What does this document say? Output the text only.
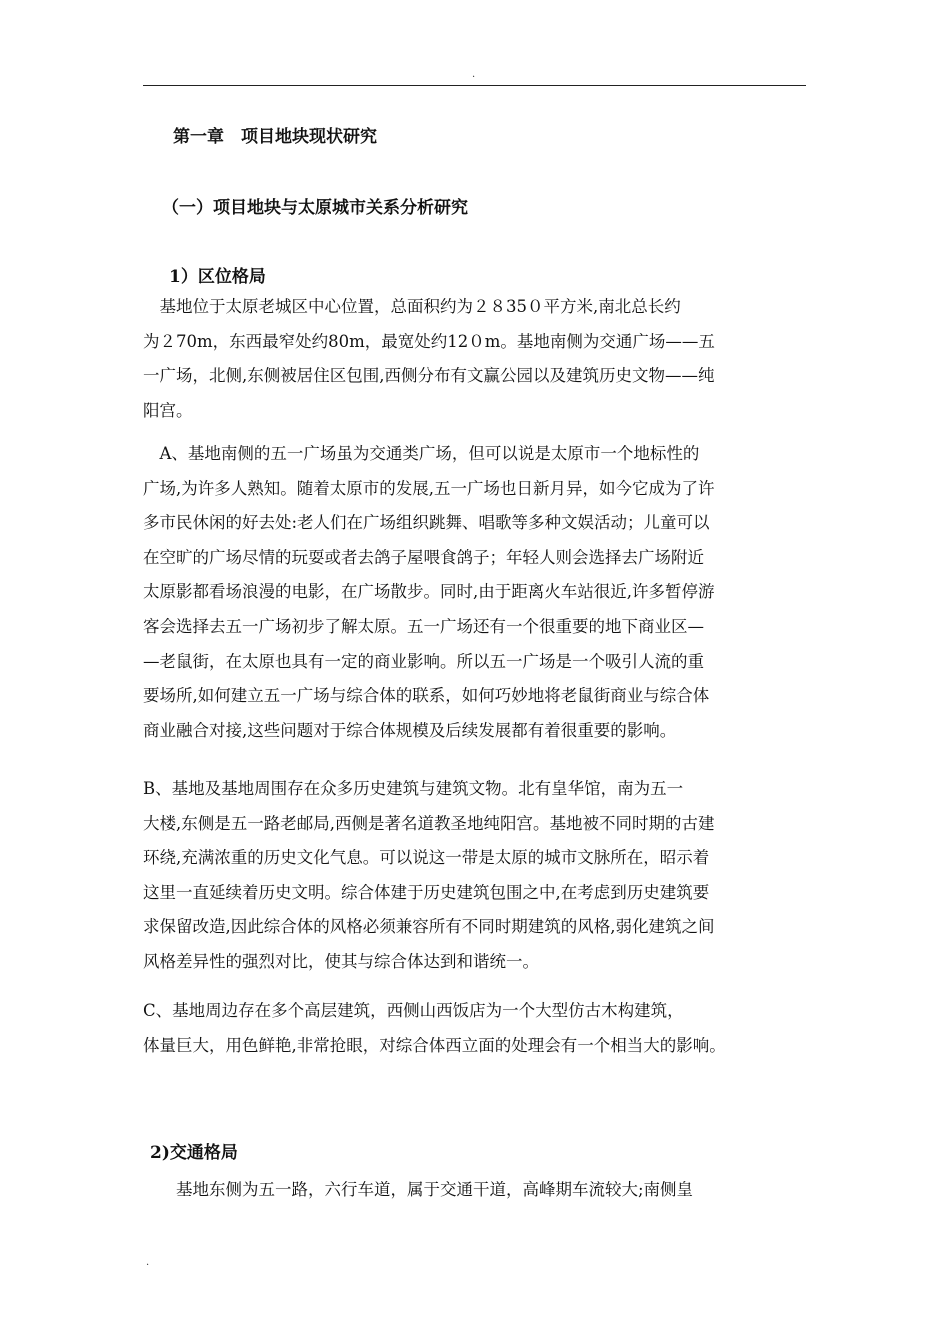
.
第一章　项目地块现状研究
（一）项目地块与太原城市关系分析研究
1）区位格局
　基地位于太原老城区中心位置，总面积约为２８35０平方米,南北总长约
为２70m，东西最窄处约80m，最宽处约12０m。基地南侧为交通广场——五
一广场，北侧,东侧被居住区包围,西侧分布有文赢公园以及建筑历史文物——纯
阳宫。
　A、基地南侧的五一广场虽为交通类广场，但可以说是太原市一个地标性的
广场,为许多人熟知。随着太原市的发展,五一广场也日新月异，如今它成为了许
多市民休闲的好去处:老人们在广场组织跳舞、唱歌等多种文娱活动；儿童可以
在空旷的广场尽情的玩耍或者去鸽子屋喂食鸽子；年轻人则会选择去广场附近
太原影都看场浪漫的电影，在广场散步。同时,由于距离火车站很近,许多暂停游
客会选择去五一广场初步了解太原。五一广场还有一个很重要的地下商业区—
—老鼠街，在太原也具有一定的商业影响。所以五一广场是一个吸引人流的重
要场所,如何建立五一广场与综合体的联系，如何巧妙地将老鼠街商业与综合体
商业融合对接,这些问题对于综合体规模及后续发展都有着很重要的影响。
B、基地及基地周围存在众多历史建筑与建筑文物。北有皇华馆，南为五一
大楼,东侧是五一路老邮局,西侧是著名道教圣地纯阳宫。基地被不同时期的古建
环绕,充满浓重的历史文化气息。可以说这一带是太原的城市文脉所在，昭示着
这里一直延续着历史文明。综合体建于历史建筑包围之中,在考虑到历史建筑要
求保留改造,因此综合体的风格必须兼容所有不同时期建筑的风格,弱化建筑之间
风格差异性的强烈对比，使其与综合体达到和谐统一。
C、基地周边存在多个高层建筑，西侧山西饭店为一个大型仿古木构建筑，
体量巨大，用色鲜艳,非常抢眼，对综合体西立面的处理会有一个相当大的影响。
2)交通格局
　　基地东侧为五一路，六行车道，属于交通干道，高峰期车流较大;南侧皇
.
